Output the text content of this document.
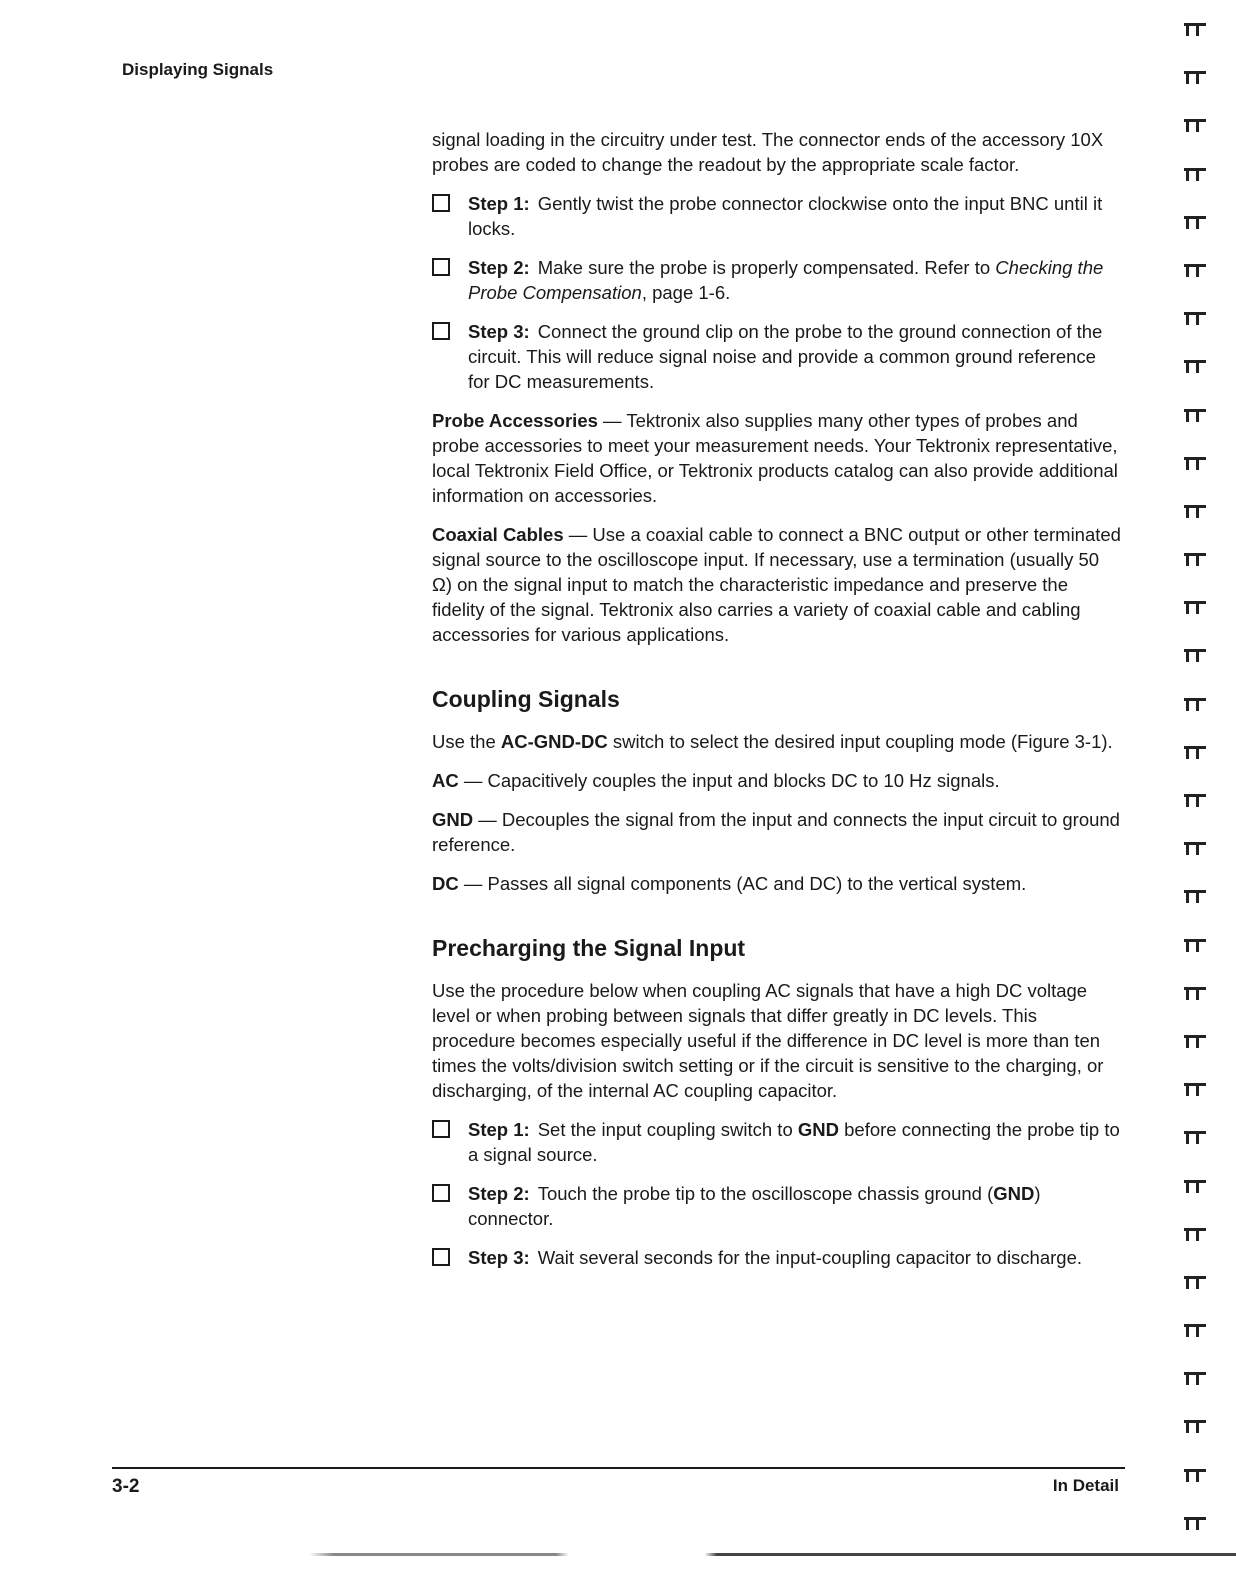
Displaying Signals

signal loading in the circuitry under test. The connector ends of the accessory 10X probes are coded to change the readout by the appropriate scale factor.

Step 1: Gently twist the probe connector clockwise onto the input BNC until it locks.
Step 2: Make sure the probe is properly compensated. Refer to Checking the Probe Compensation, page 1-6.
Step 3: Connect the ground clip on the probe to the ground connection of the circuit. This will reduce signal noise and provide a common ground reference for DC measurements.

Probe Accessories — Tektronix also supplies many other types of probes and probe accessories to meet your measurement needs. Your Tektronix representative, local Tektronix Field Office, or Tektronix products catalog can also provide additional information on accessories.

Coaxial Cables — Use a coaxial cable to connect a BNC output or other terminated signal source to the oscilloscope input. If necessary, use a termination (usually 50 Ω) on the signal input to match the characteristic impedance and preserve the fidelity of the signal. Tektronix also carries a variety of coaxial cable and cabling accessories for various applications.

Coupling Signals

Use the AC-GND-DC switch to select the desired input coupling mode (Figure 3-1).

AC — Capacitively couples the input and blocks DC to 10 Hz signals.

GND — Decouples the signal from the input and connects the input circuit to ground reference.

DC — Passes all signal components (AC and DC) to the vertical system.

Precharging the Signal Input

Use the procedure below when coupling AC signals that have a high DC voltage level or when probing between signals that differ greatly in DC levels. This procedure becomes especially useful if the difference in DC level is more than ten times the volts/division switch setting or if the circuit is sensitive to the charging, or discharging, of the internal AC coupling capacitor.

Step 1: Set the input coupling switch to GND before connecting the probe tip to a signal source.
Step 2: Touch the probe tip to the oscilloscope chassis ground (GND) connector.
Step 3: Wait several seconds for the input-coupling capacitor to discharge.
3-2	In Detail
